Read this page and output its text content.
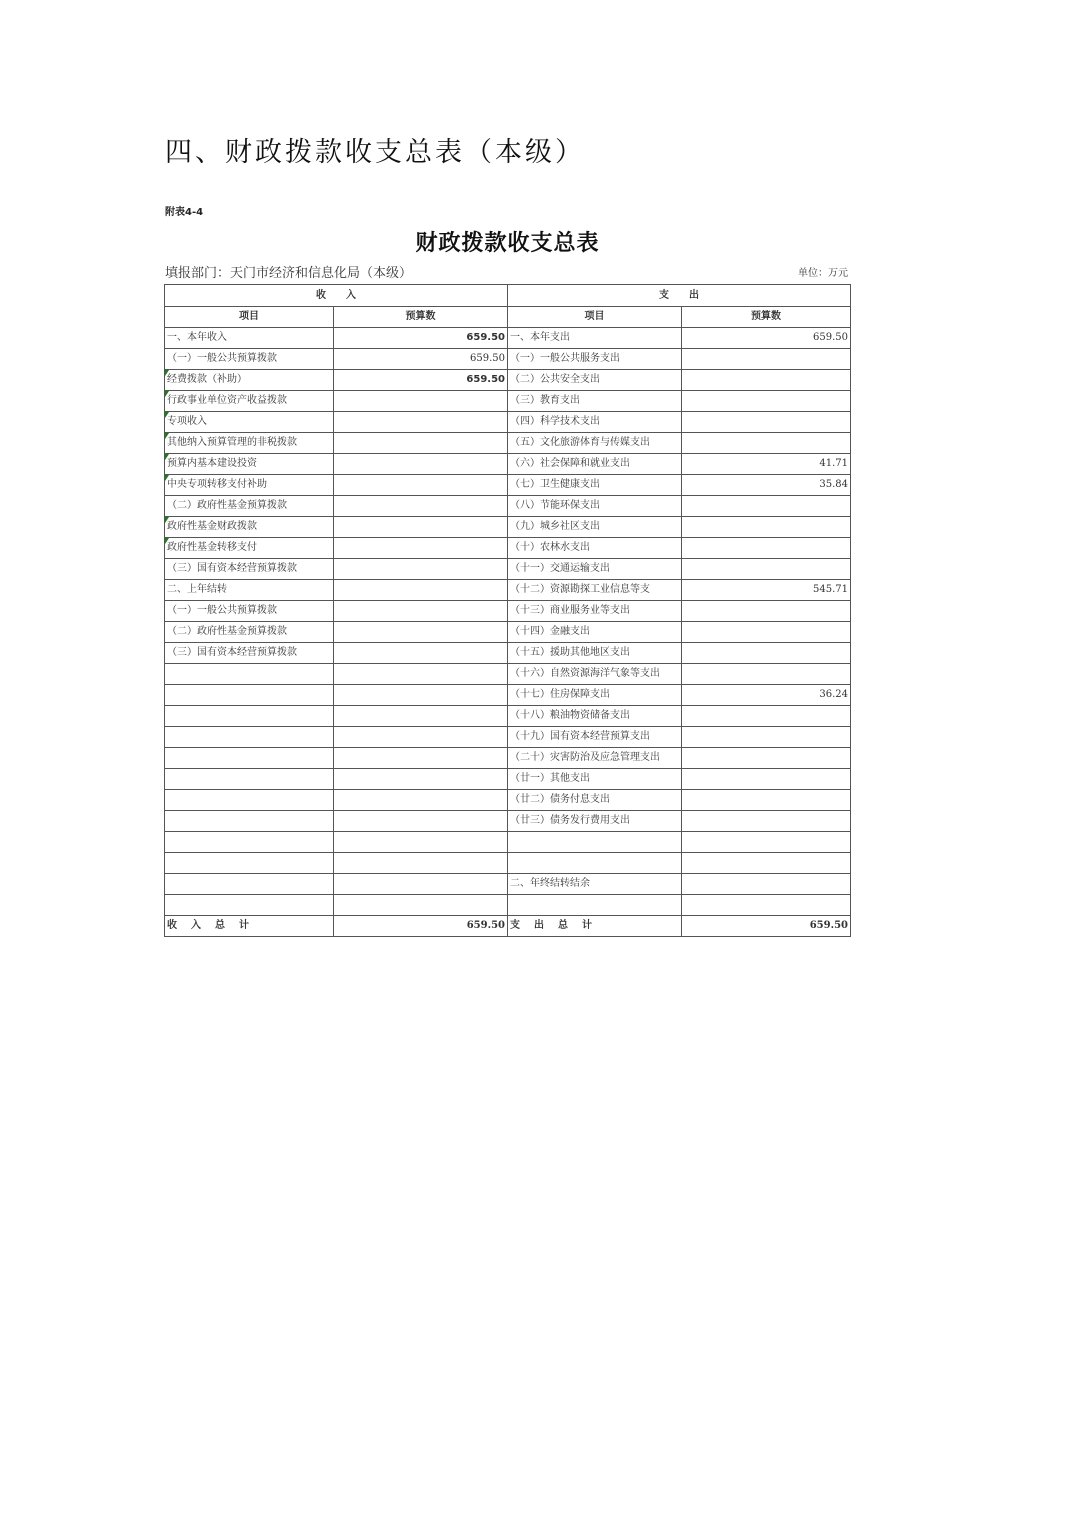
四、财政拨款收支总表（本级）
附表4-4
财政拨款收支总表
填报部门：天门市经济和信息化局（本级）	单位：万元
收　　入		支　　出	
项目	预算数	项目	预算数
一、本年收入	659.50	一、本年支出	659.50
（一）一般公共预算拨款	659.50	（一）一般公共服务支出	
经费拨款（补助）	659.50	（二）公共安全支出	
行政事业单位资产收益拨款		（三）教育支出	
专项收入		（四）科学技术支出	
其他纳入预算管理的非税拨款		（五）文化旅游体育与传媒支出	
预算内基本建设投资		（六）社会保障和就业支出	41.71
中央专项转移支付补助		（七）卫生健康支出	35.84
（二）政府性基金预算拨款		（八）节能环保支出	
政府性基金财政拨款		（九）城乡社区支出	
政府性基金转移支付		（十）农林水支出	
（三）国有资本经营预算拨款		（十一）交通运输支出	
二、上年结转		（十二）资源勘探工业信息等支	545.71
（一）一般公共预算拨款		（十三）商业服务业等支出	
（二）政府性基金预算拨款		（十四）金融支出	
（三）国有资本经营预算拨款		（十五）援助其他地区支出	
		（十六）自然资源海洋气象等支出	
		（十七）住房保障支出	36.24
		（十八）粮油物资储备支出	
		（十九）国有资本经营预算支出	
		（二十）灾害防治及应急管理支出	
		（廿一）其他支出	
		（廿二）债务付息支出	
		（廿三）债务发行费用支出	

		二、年终结转结余	

收入总计	659.50	支出总计	659.50
